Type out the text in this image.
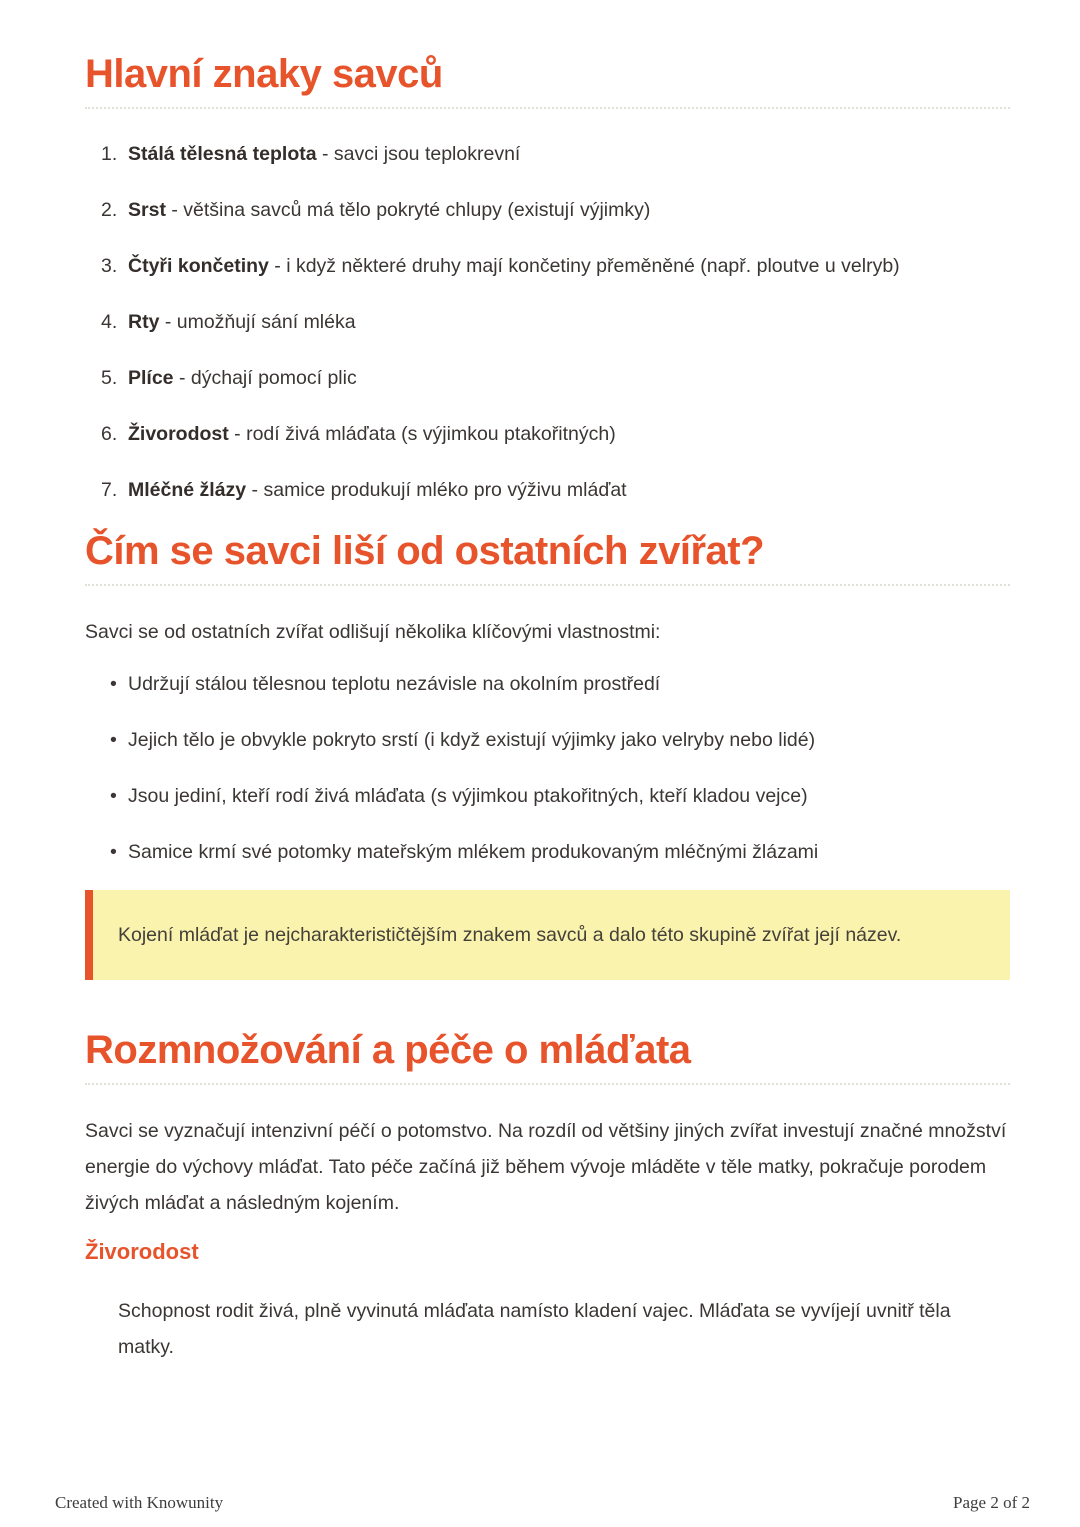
Hlavní znaky savců
1. Stálá tělesná teplota - savci jsou teplokrevní
2. Srst - většina savců má tělo pokryté chlupy (existují výjimky)
3. Čtyři končetiny - i když některé druhy mají končetiny přeměněné (např. ploutve u velryb)
4. Rty - umožňují sání mléka
5. Plíce - dýchají pomocí plic
6. Živorodost - rodí živá mláďata (s výjimkou ptakořitných)
7. Mléčné žlázy - samice produkují mléko pro výživu mláďat
Čím se savci liší od ostatních zvířat?

Savci se od ostatních zvířat odlišují několika klíčovými vlastnostmi:

• Udržují stálou tělesnou teplotu nezávisle na okolním prostředí
• Jejich tělo je obvykle pokryto srstí (i když existují výjimky jako velryby nebo lidé)
• Jsou jediní, kteří rodí živá mláďata (s výjimkou ptakořitných, kteří kladou vejce)
• Samice krmí své potomky mateřským mlékem produkovaným mléčnými žlázami
Kojení mláďat je nejcharakterističtějším znakem savců a dalo této skupině zvířat její název.
Rozmnožování a péče o mláďata

Savci se vyznačují intenzivní péčí o potomstvo. Na rozdíl od většiny jiných zvířat investují značné množství energie do výchovy mláďat. Tato péče začíná již během vývoje mláděte v těle matky, pokračuje porodem živých mláďat a následným kojením.

Živorodost

Schopnost rodit živá, plně vyvinutá mláďata namísto kladení vajec. Mláďata se vyvíjejí uvnitř těla matky.

Created with Knowunity	Page 2 of 2
